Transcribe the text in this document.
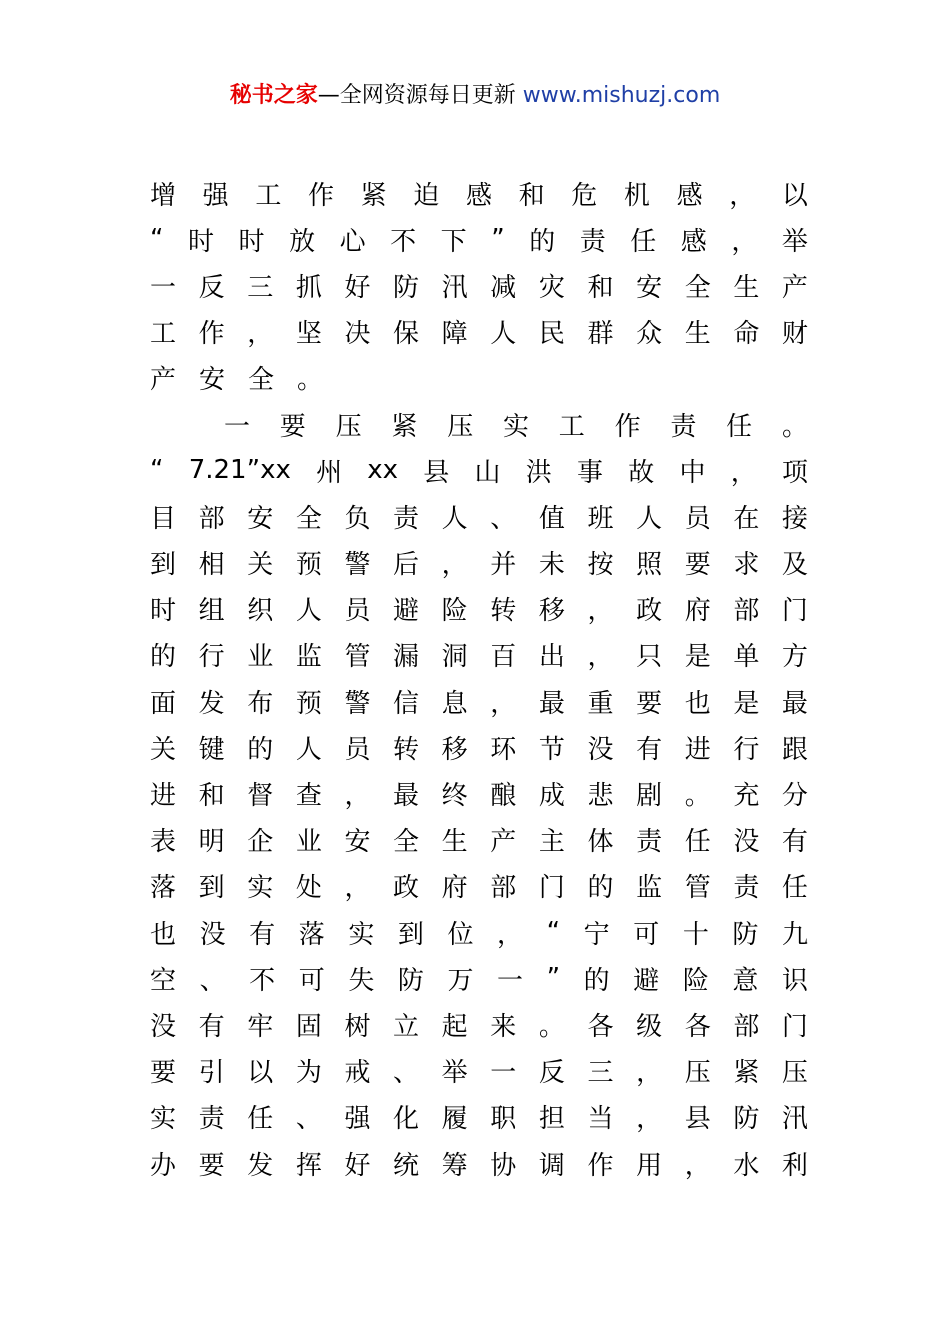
秘书之家—全网资源每日更新 www.mishuzj.com
增 强 工 作 紧 迫 感 和 危 机 感 ， 以
“ 时 时 放 心 不 下 ” 的 责 任 感 ， 举
一 反 三 抓 好 防 汛 减 灾 和 安 全 生 产
工 作 ， 坚 决 保 障 人 民 群 众 生 命 财
产 安 全 。
一 要 压 紧 压 实 工 作 责 任 。
“ 7.21”xx 州 xx 县 山 洪 事 故 中 ， 项
目 部 安 全 负 责 人 、 值 班 人 员 在 接
到 相 关 预 警 后 ， 并 未 按 照 要 求 及
时 组 织 人 员 避 险 转 移 ， 政 府 部 门
的 行 业 监 管 漏 洞 百 出 ， 只 是 单 方
面 发 布 预 警 信 息 ， 最 重 要 也 是 最
关 键 的 人 员 转 移 环 节 没 有 进 行 跟
进 和 督 查 ， 最 终 酿 成 悲 剧 。 充 分
表 明 企 业 安 全 生 产 主 体 责 任 没 有
落 到 实 处 ， 政 府 部 门 的 监 管 责 任
也 没 有 落 实 到 位 ， “ 宁 可 十 防 九
空 、 不 可 失 防 万 一 ” 的 避 险 意 识
没 有 牢 固 树 立 起 来 。 各 级 各 部 门
要 引 以 为 戒 、 举 一 反 三 ， 压 紧 压
实 责 任 、 强 化 履 职 担 当 ， 县 防 汛
办 要 发 挥 好 统 筹 协 调 作 用 ， 水 利
